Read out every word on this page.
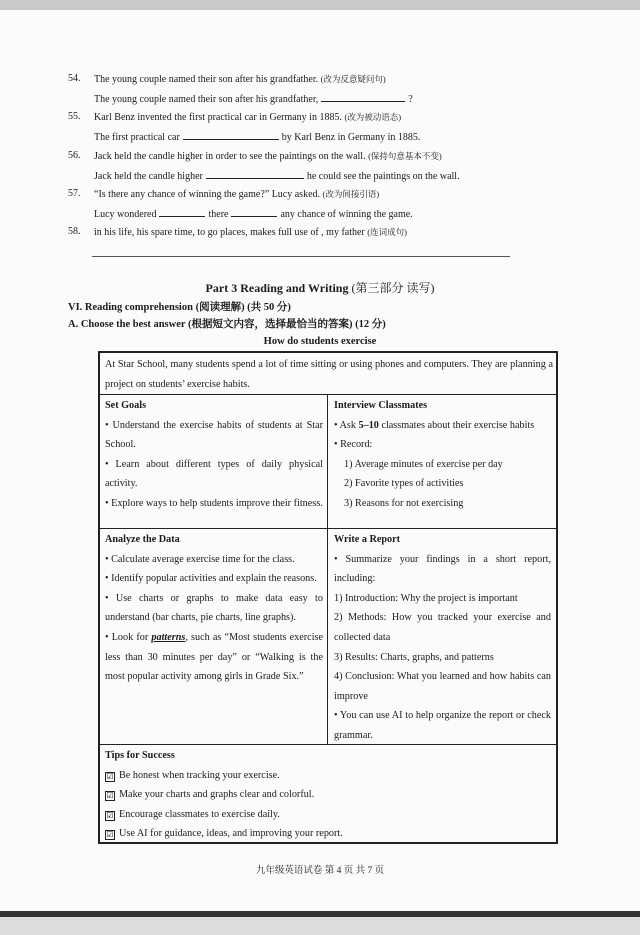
54.	The young couple named their son after his grandfather. (改为反意疑问句)
The young couple named their son after his grandfather,	?
55.	Karl Benz invented the first practical car in Germany in 1885. (改为被动语态)
The first practical car	by Karl Benz in Germany in 1885.
56.	Jack held the candle higher in order to see the paintings on the wall. (保持句意基本不变)
Jack held the candle higher	he could see the paintings on the wall.
57.	“Is there any chance of winning the game?” Lucy asked. (改为间接引语)
Lucy wondered	there	any chance of winning the game.
58.	in his life, his spare time, to go places, makes full use of , my father (连词成句)
Part 3 Reading and Writing (第三部分 读写)
VI. Reading comprehension (阅读理解) (共 50 分)
A. Choose the best answer (根据短文内容，选择最恰当的答案) (12 分)
How do students exercise
At Star School, many students spend a lot of time sitting or using phones and computers. They are planning a project on students’ exercise habits.
Set Goals
• Understand the exercise habits of students at Star School.
• Learn about different types of daily physical activity.
• Explore ways to help students improve their fitness.
Interview Classmates
• Ask 5–10 classmates about their exercise habits
• Record:
1) Average minutes of exercise per day
2) Favorite types of activities
3) Reasons for not exercising
Analyze the Data
• Calculate average exercise time for the class.
• Identify popular activities and explain the reasons.
• Use charts or graphs to make data easy to understand (bar charts, pie charts, line graphs).
• Look for patterns, such as “Most students exercise less than 30 minutes per day” or “Walking is the most popular activity among girls in Grade Six.”
Write a Report
• Summarize your findings in a short report, including:
1) Introduction: Why the project is important
2) Methods: How you tracked your exercise and collected data
3) Results: Charts, graphs, and patterns
4) Conclusion: What you learned and how habits can improve
• You can use AI to help organize the report or check grammar.
Tips for Success
☑ Be honest when tracking your exercise.
☑ Make your charts and graphs clear and colorful.
☑ Encourage classmates to exercise daily.
☑ Use AI for guidance, ideas, and improving your report.
九年级英语试卷 第 4 页 共 7 页
